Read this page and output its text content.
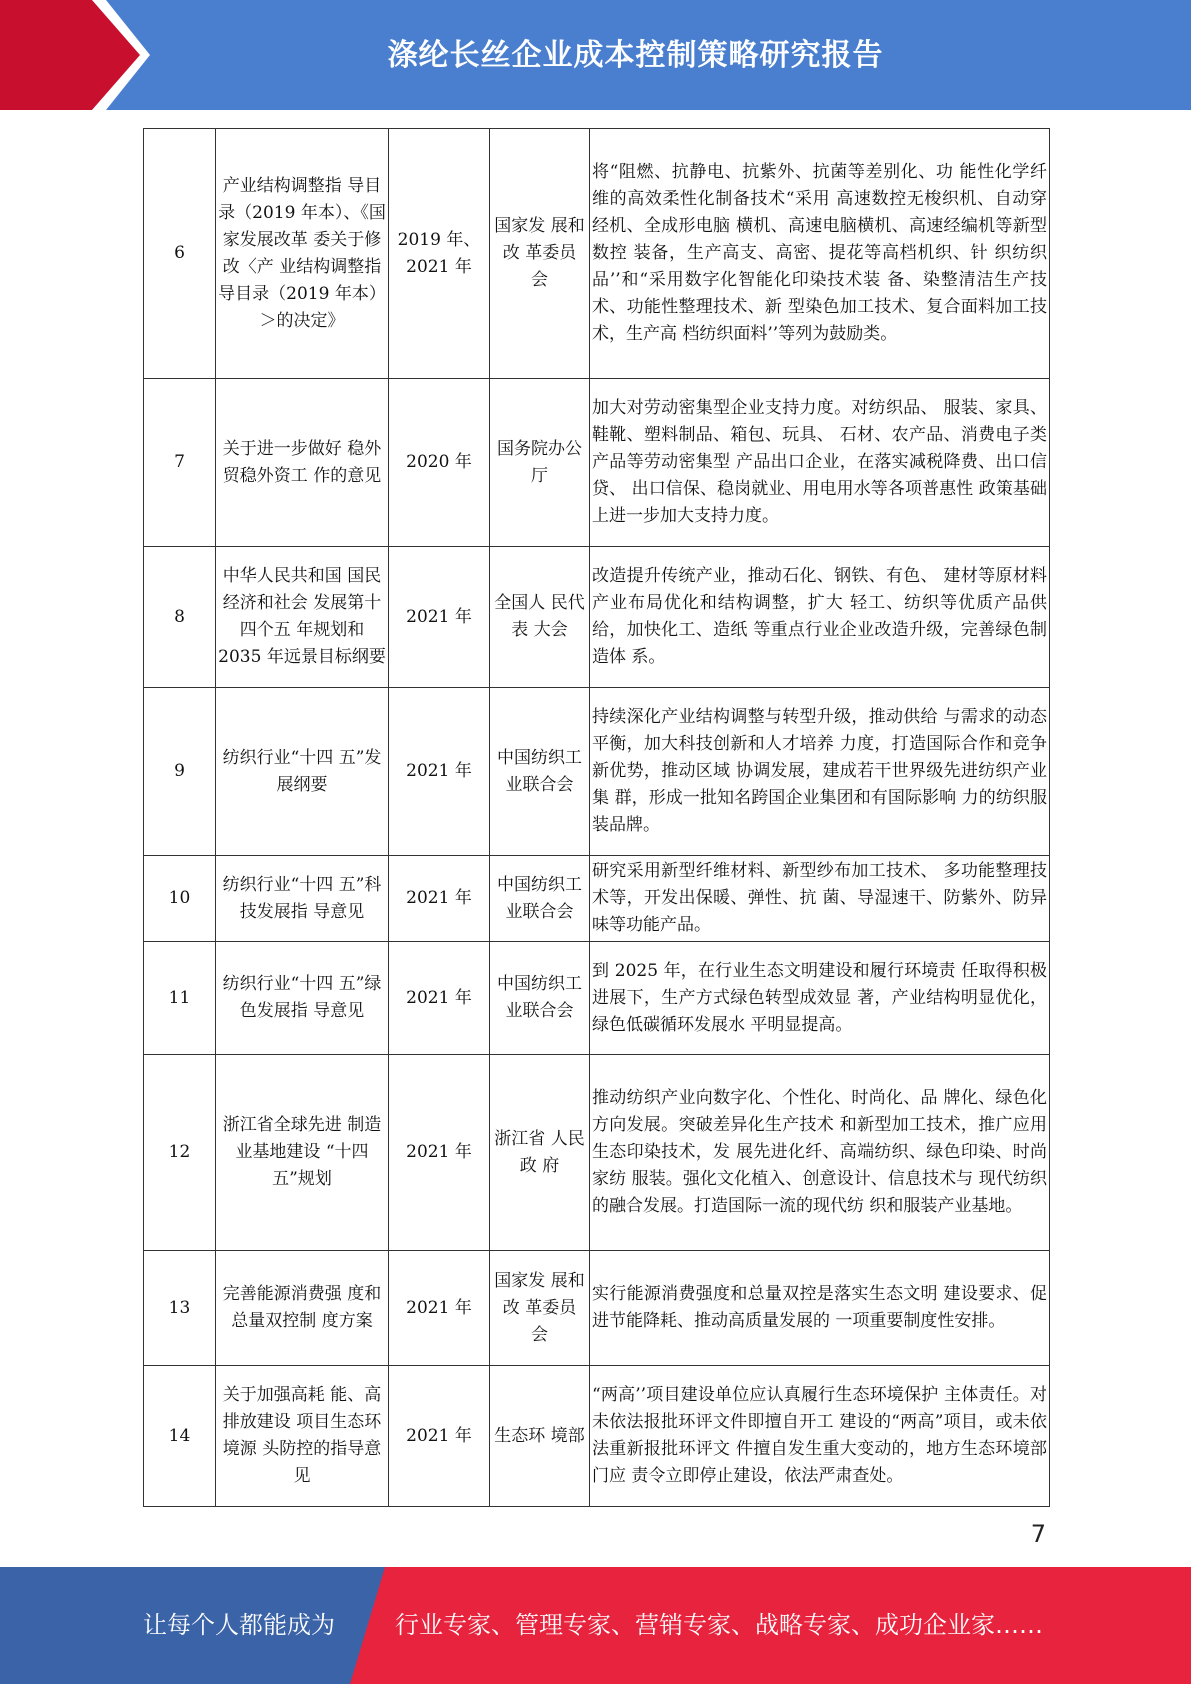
涤纶长丝企业成本控制策略研究报告
6	产业结构调整指 导目录（2019 年本）、《国家发展改革 委关于修改〈产 业结构调整指导目录（2019 年本）＞的决定》	2019 年、2021 年	国家发 展和改 革委员 会	将“阻燃、抗静电、抗紫外、抗菌等差别化、功 能性化学纤维的高效柔性化制备技术“采用 高速数控无梭织机、自动穿经机、全成形电脑 横机、高速电脑横机、高速经编机等新型数控 装备，生产高支、高密、提花等高档机织、针 织纺织品’’和“采用数字化智能化印染技术装 备、染整清洁生产技术、功能性整理技术、新 型染色加工技术、复合面料加工技术，生产高 档纺织面料’’等列为鼓励类。
7	关于进一步做好 稳外贸稳外资工 作的意见	2020 年	国务院办公厅	加大对劳动密集型企业支持力度。对纺织品、 服装、家具、鞋靴、塑料制品、箱包、玩具、 石材、农产品、消费电子类产品等劳动密集型 产品出口企业，在落实减税降费、出口信贷、 出口信保、稳岗就业、用电用水等各项普惠性 政策基础上进一步加大支持力度。
8	中华人民共和国 国民经济和社会 发展第十四个五 年规划和 2035 年远景目标纲要	2021 年	全国人 民代表 大会	改造提升传统产业，推动石化、钢铁、有色、 建材等原材料产业布局优化和结构调整，扩大 轻工、纺织等优质产品供给，加快化工、造纸 等重点行业企业改造升级，完善绿色制造体 系。
9	纺织行业“十四 五”发展纲要	2021 年	中国纺织工业联合会	持续深化产业结构调整与转型升级，推动供给 与需求的动态平衡，加大科技创新和人才培养 力度，打造国际合作和竞争新优势，推动区域 协调发展，建成若干世界级先进纺织产业集 群，形成一批知名跨国企业集团和有国际影响 力的纺织服装品牌。
10	纺织行业“十四 五”科技发展指 导意见	2021 年	中国纺织工业联合会	研究采用新型纤维材料、新型纱布加工技术、 多功能整理技术等，开发出保暖、弹性、抗 菌、导湿速干、防紫外、防异味等功能产品。
11	纺织行业“十四 五”绿色发展指 导意见	2021 年	中国纺织工业联合会	到 2025 年，在行业生态文明建设和履行环境责 任取得积极进展下，生产方式绿色转型成效显 著，产业结构明显优化，绿色低碳循环发展水 平明显提高。
12	浙江省全球先进 制造业基地建设 “十四五”规划	2021 年	浙江省 人民政 府	推动纺织产业向数字化、个性化、时尚化、品 牌化、绿色化方向发展。突破差异化生产技术 和新型加工技术，推广应用生态印染技术，发 展先进化纤、高端纺织、绿色印染、时尚家纺 服装。强化文化植入、创意设计、信息技术与 现代纺织的融合发展。打造国际一流的现代纺 织和服装产业基地。
13	完善能源消费强 度和总量双控制 度方案	2021 年	国家发 展和改 革委员 会	实行能源消费强度和总量双控是落实生态文明 建设要求、促进节能降耗、推动高质量发展的 一项重要制度性安排。
14	关于加强高耗 能、高排放建设 项目生态环境源 头防控的指导意 见	2021 年	生态环 境部	“两高’’项目建设单位应认真履行生态环境保护 主体责任。对未依法报批环评文件即擅自开工 建设的“两高”项目，或未依法重新报批环评文 件擅自发生重大变动的，地方生态环境部门应 责令立即停止建设，依法严肃查处。
7
让每个人都能成为	行业专家、管理专家、营销专家、战略专家、成功企业家……
